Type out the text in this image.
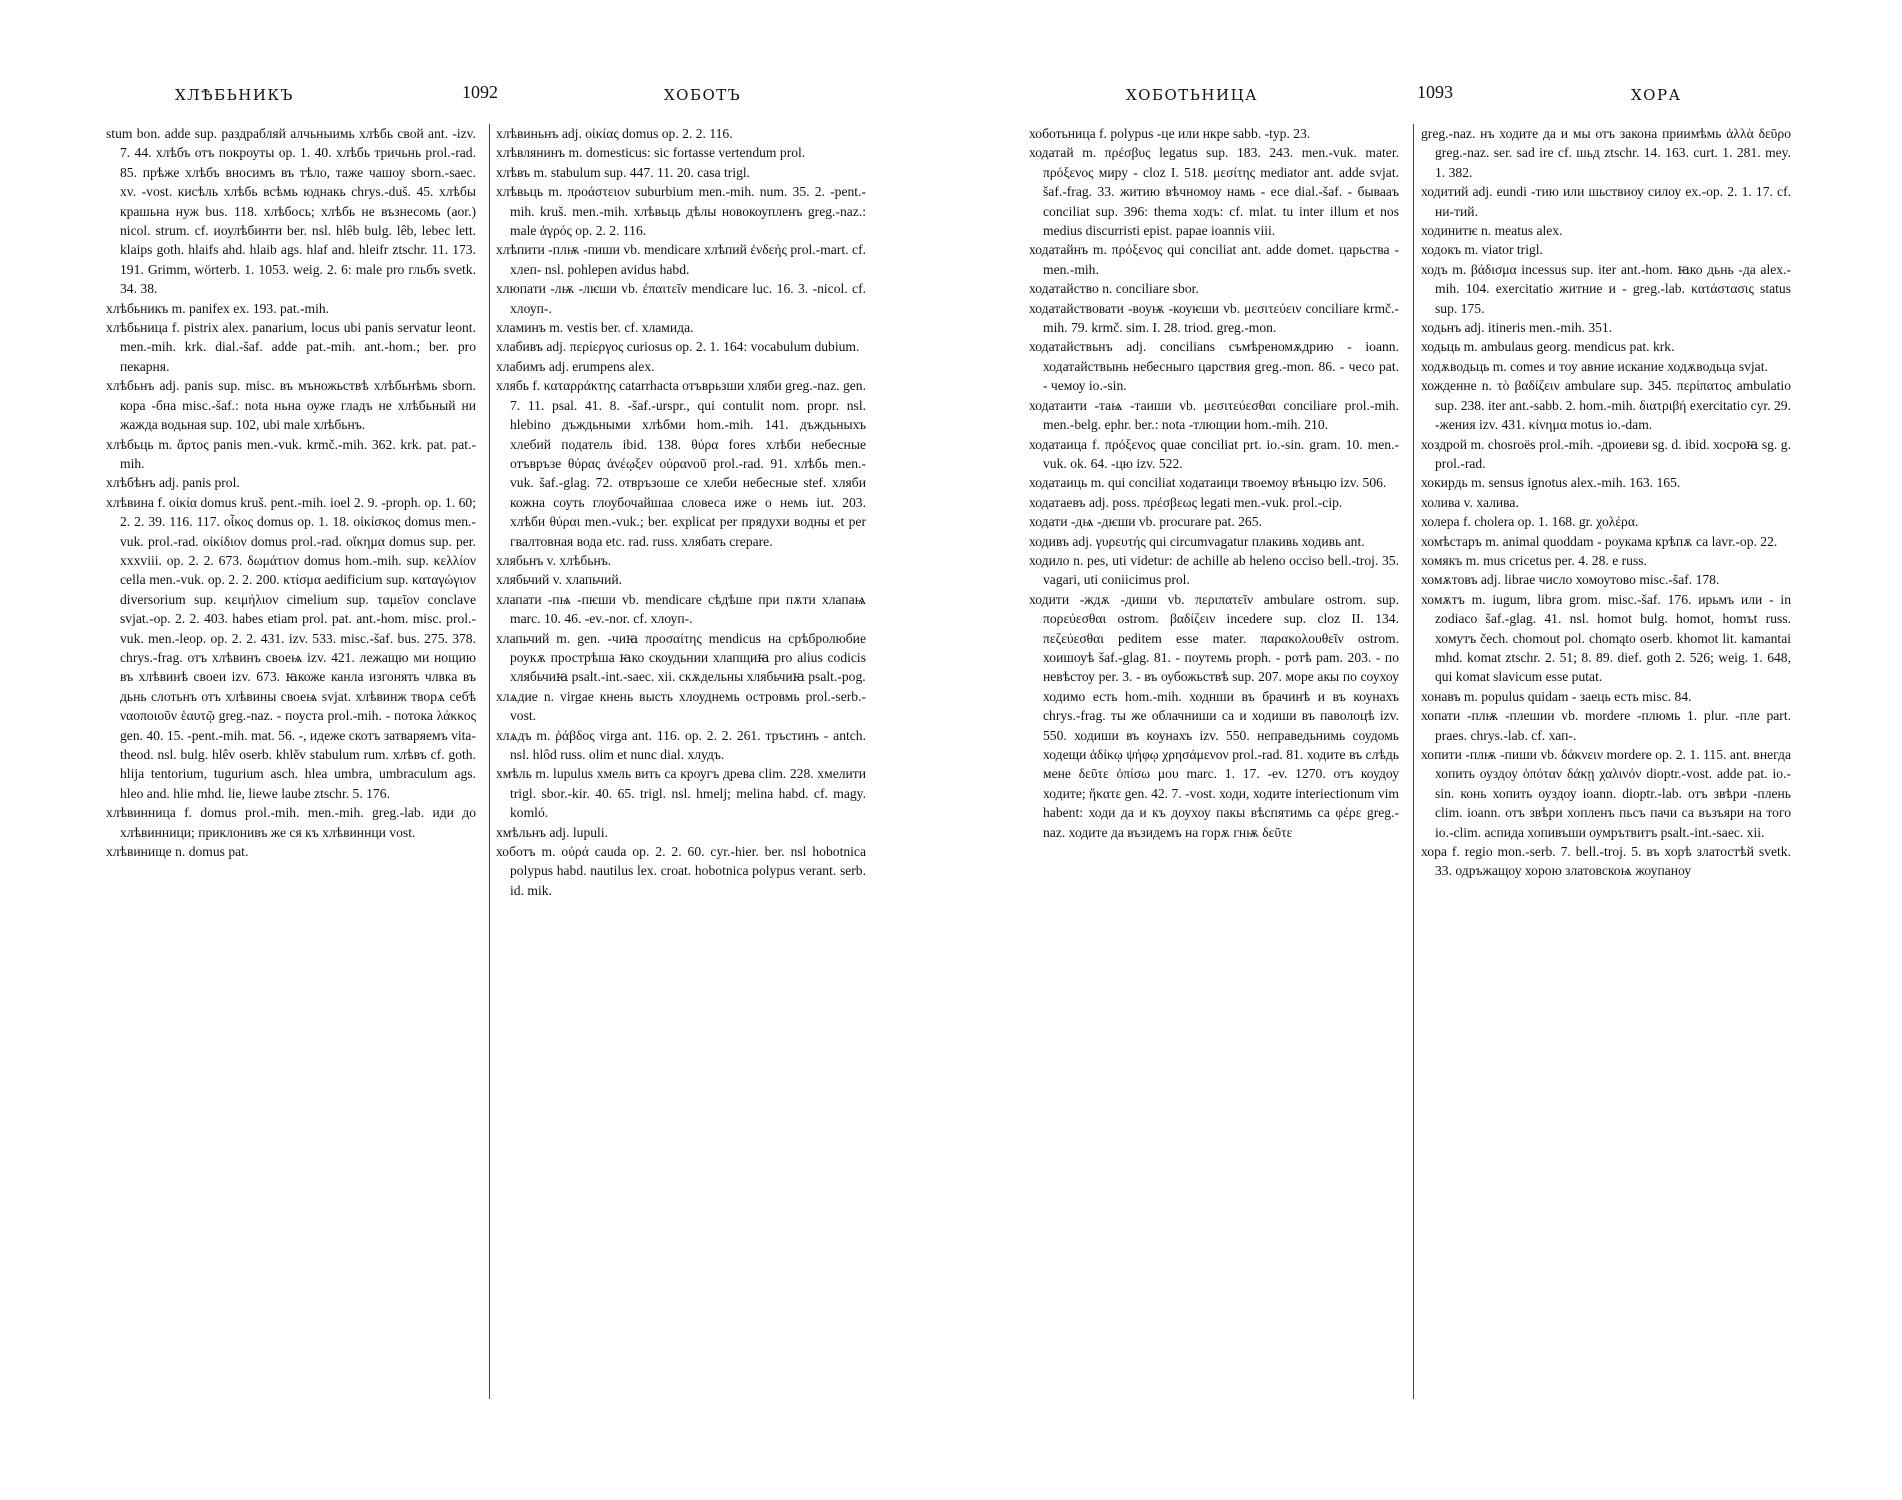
ХЛѢБЬНИКЪ	1092	ХОБОТЪ

stum bon. adde sup. раздрабляй алчьныимь хлѣбь свой ant. -izv. 7. 44. хлѣбъ отъ покроуты op. 1. 40. хлѣбь тричьнь prol.-rad. 85. прѣже хлѣбъ вносимъ въ тѣло, таже чашоу sborn.-saec. xv. -vost. кисѣль хлѣбь всѣмь юднакь chrys.-duš. 45. хлѣбы крашьна нуж bus. 118. хлѣбось; хлѣбь не възнесомь (aor.) nicol. strum. cf. иоулѣбинти ber. nsl. hlêb bulg. lêb, lebec lett. klaips goth. hlaifs ahd. hlaib ags. hlaf and. hleifr ztschr. 11. 173. 191. Grimm, wörterb. 1. 1053. weig. 2. 6: male pro гльбъ svetk. 34. 38.

хлѣбьникъ m. panifex ex. 193. pat.-mih.

хлѣбьница f. pistrix alex. panarium, locus ubi panis servatur leont. men.-mih. krk. dial.-šaf. adde pat.-mih. ant.-hom.; ber. pro пекарня.

хлѣбьнъ adj. panis sup. misc. въ мъножьствѣ хлѣбьнѣмь sborn. кора -бна misc.-šaf.: nota ньна оуже гладъ не хлѣбьный ни жажда водьная sup. 102, ubi male хлѣбьнъ.

хлѣбьць m. ἄρτος panis men.-vuk. krmč.-mih. 362. krk. pat. pat.-mih.

хлѣбѣнъ adj. panis prol.

хлѣвина f. οἰκία domus kruš. pent.-mih. ioel 2. 9. -proph. op. 1. 60; 2. 2. 39. 116. 117. οἶκος domus op. 1. 18. οἰκίσκος domus men.-vuk. prol.-rad. οἰκίδιον domus prol.-rad. οἴκημα domus sup. per. xxxviii. op. 2. 2. 673. δωμάτιον domus hom.-mih. sup. κελλίον cella men.-vuk. op. 2. 2. 200. κτίσμα aedificium sup. καταγώγιον diversorium sup. κειμήλιον cimelium sup. ταμεῖον conclave svjat.-op. 2. 2. 403. habes etiam prol. pat. ant.-hom. misc. prol.-vuk. men.-leop. op. 2. 2. 431. izv. 533. misc.-šaf. bus. 275. 378. chrys.-frag. отъ хлѣвинъ своеѩ izv. 421. лежащю ми нощию въ хлѣвинѣ своеи izv. 673. ꙗкоже канла изгонять члвка въ дьнь слотьнъ отъ хлѣвины своеѩ svjat. хлѣвинж творѧ себѣ ναοποιοῦν ἑαυτῷ greg.-naz. - поуста prol.-mih. - потока λάκκος gen. 40. 15. -pent.-mih. mat. 56. -, идеже скотъ затваряемъ vita-theod. nsl. bulg. hlêv oserb. khlěv stabulum rum. хлѣвъ cf. goth. hlija tentorium, tugurium asch. hlea umbra, umbraculum ags. hleo and. hlie mhd. lie, liewe laube ztschr. 5. 176.

хлѣвинница f. domus prol.-mih. men.-mih. greg.-lab. иди до хлѣвинници; приклонивъ же ся къ хлѣвиннци vost.

хлѣвинище n. domus pat.

хлѣвиньнъ adj. οἰκίας domus op. 2. 2. 116.

хлѣвлянинъ m. domesticus: sic fortasse vertendum prol.

хлѣвъ m. stabulum sup. 447. 11. 20. casa trigl.

хлѣвьць m. προάστειον suburbium men.-mih. num. 35. 2. -pent.-mih. kruš. men.-mih. хлѣвьць дѣлы новокоупленъ greg.-naz.: male ἀγρός op. 2. 2. 116.

хлѣпити -плѭ -пиши vb. mendicare хлѣпий ἐνδεής prol.-mart. cf. хлеп- nsl. pohlepen avidus habd.

хлюпати -лѭ -лѥши vb. ἐπαιτεῖν mendicare luc. 16. 3. -nicol. cf. хлоуп-.

хламинъ m. vestis ber. cf. хламида.

хлабивъ adj. περίεργος curiosus op. 2. 1. 164: vocabulum dubium.

хлабимъ adj. erumpens alex.

хлябь f. καταρράκτης catarrhacta отъврьзши хляби greg.-naz. gen. 7. 11. psal. 41. 8. -šaf.-urspr., qui contulit nom. propr. nsl. hlebino дъждьными хлѣбми hom.-mih. 141. дъждьныхъ хлебий податель ibid. 138. θύρα fores хлѣби небесные отъвръзе θύρας ἀνέῳξεν οὐρανοῦ prol.-rad. 91. хлѣбь men.-vuk. šaf.-glag. 72. отвръзоше се хлеби небесные stef. хляби кожна соуть глоубочайшаа словеса иже о немь iut. 203. хлѣби θύραι men.-vuk.; ber. explicat per прядухи водны et per гвалтовная вода etc. rad. russ. хлябать crepare.

хлябьнъ v. хлѣбьнъ.

хлябьчий v. хлапьчий.

хлапати -пѩ -пѥши vb. mendicare сѣдѣше при пѫти хлапаѩ marc. 10. 46. -ev.-nor. cf. хлоуп-.

хлапьчий m. gen. -чиꙗ προσαίτης mendicus на срѣбролюбие роукѫ прострѣша ꙗко скоудьнии хлапщиꙗ pro alius codicis хлябьчиꙗ psalt.-int.-saec. xii. скѫдельны хлябьчиꙗ psalt.-pog.

хлѧдие n. virgae кнень высть хлоуднемь островмь prol.-serb.-vost.

хлѧдъ m. ῥάβδος virga ant. 116. op. 2. 2. 261. тръстинъ - antch. nsl. hlôd russ. olim et nunc dial. хлудъ.

хмѣль m. lupulus хмель вить са кроугъ древа clim. 228. хмелити trigl. sbor.-kir. 40. 65. trigl. nsl. hmelj; melina habd. cf. magy. komló.

хмѣльнъ adj. lupuli.

хоботъ m. οὐρά cauda op. 2. 2. 60. cyr.-hier. ber. nsl hobotnica polypus habd. nautilus lex. croat. hobotnica polypus verant. serb. id. mik.

ХОБОТЬНИЦА	1093	ХОРА

хоботьница f. polypus -це или нкре sabb. -typ. 23.

ходатай m. πρέσβυς legatus sup. 183. 243. men.-vuk. mater. πρόξενος миру - cloz I. 518. μεσίτης mediator ant. adde svjat. šaf.-frag. 33. житию вѣчномоу намь - есе dial.-šaf. - бывааъ conciliat sup. 396: thema ходъ: cf. mlat. tu inter illum et nos medius discurristi epist. papae ioannis viii.

ходатайнъ m. πρόξενος qui conciliat ant. adde domet. царьства - men.-mih.

ходатайство n. conciliare sbor.

ходатайствовати -воуѭ -коуѥши vb. μεσιτεύειν conciliare krmč.-mih. 79. krmč. sim. I. 28. triod. greg.-mon.

ходатайствьнъ adj. concilians съмѣреномѫдрию - ioann. ходатайствынь небесныго царствия greg.-mon. 86. - чесо pat. - чемоу io.-sin.

ходатаити -таѩ -таиши vb. μεσιτεύεσθαι conciliare prol.-mih. men.-belg. ephr. ber.: nota -тлющии hom.-mih. 210.

ходатаица f. πρόξενος quae conciliat prt. io.-sin. gram. 10. men.-vuk. ok. 64. -цю izv. 522.

ходатаиць m. qui conciliat ходатаици твоемоу вѣньцю izv. 506.

ходатаевъ adj. poss. πρέσβεως legati men.-vuk. prol.-cip.

ходати -дѩ -дѥши vb. procurare pat. 265.

ходивъ adj. γυρευτής qui circumvagatur плакивь ходивь ant.

ходило n. pes, uti videtur: de achille ab heleno occiso bell.-troj. 35. vagari, uti coniicimus prol.

ходити -ждѫ -диши vb. περιπατεῖν ambulare ostrom. sup. πορεύεσθαι ostrom. βαδίζειν incedere sup. cloz II. 134. πεζεύεσθαι peditem esse mater. παρακολουθεῖν ostrom. хоишоуѣ šaf.-glag. 81. - поутемь proph. - ротѣ pam. 203. - по невѣстоу per. 3. - въ оубожьствѣ sup. 207. море акы по соухоу ходимо есть hom.-mih. ходнши въ брачинѣ и въ коунахъ chrys.-frag. ты же облачниши са и ходиши въ паволоцѣ izv. 550. ходиши въ коунахъ izv. 550. неправедьнимь соудомь ходещи ἀδίκῳ ψήφῳ χρησάμενον prol.-rad. 81. ходите въ слѣдь мене δεῦτε ὀπίσω μου marc. 1. 17. -ev. 1270. отъ коудоу ходите; ἥκατε gen. 42. 7. -vost. ходи, ходите interiectionum vim habent: ходи да и къ доухоу пакы вѣспятимь са φέρε greg.-naz. ходите да възидемъ на горѫ гнѭ δεῦτε

greg.-naz. нъ ходите да и мы отъ закона приимѣмь ἀλλὰ δεῦρο greg.-naz. ser. sad ire cf. шьд ztschr. 14. 163. curt. 1. 281. mey. 1. 382.

ходитий adj. eundi -тию или шьствиоу силоу ex.-op. 2. 1. 17. cf. ни-тий.

ходинитѥ n. meatus alex.

ходокъ m. viator trigl.

ходъ m. βάδισμα incessus sup. iter ant.-hom. ꙗко дьнь -да alex.-mih. 104. exercitatio житние и - greg.-lab. κατάστασις status sup. 175.

ходьнъ adj. itineris men.-mih. 351.

ходьць m. ambulaus georg. mendicus pat. krk.

ходѫводьць m. comes и тоу авние искание ходѫводьца svjat.

хожденне n. τὸ βαδίζειν ambulare sup. 345. περίπατος ambulatio sup. 238. iter ant.-sabb. 2. hom.-mih. διατριβή exercitatio cyr. 29. -жения izv. 431. κίνημα motus io.-dam.

хоздрой m. chosroës prol.-mih. -дроиеви sg. d. ibid. хосроꙗ sg. g. prol.-rad.

хокирдь m. sensus ignotus alex.-mih. 163. 165.

холива v. халива.

холера f. cholera op. 1. 168. gr. χολέρα.

хомѣстаръ m. animal quoddam - роукама крѣпѫ са lavr.-op. 22.

хомякъ m. mus cricetus per. 4. 28. e russ.

хомѫтовъ adj. librae число хомоутово misc.-šaf. 178.

хомѫтъ m. iugum, libra grom. misc.-šaf. 176. ирьмъ или - in zodiaco šaf.-glag. 41. nsl. homot bulg. homot, homъt russ. хомутъ čech. chomout pol. chomąto oserb. khomot lit. kamantai mhd. komat ztschr. 2. 51; 8. 89. dief. goth 2. 526; weig. 1. 648, qui komat slavicum esse putat.

хонавъ m. populus quidam - заець есть misc. 84.

хопати -плѭ -плешии vb. mordere -плюмь 1. plur. -пле part. praes. chrys.-lab. cf. хап-.

хопити -плѭ -пиши vb. δάκνειν mordere op. 2. 1. 115. ant. внегда хопить оуздоу ὁπόταν δάκῃ χαλινόν dioptr.-vost. adde pat. io.-sin. конь хопить оуздоу ioann. dioptr.-lab. отъ звѣри -плень clim. ioann. отъ звѣри хопленъ пьсъ пачи са възъяри на того io.-clim. аспида хопивъши оумрътвитъ psalt.-int.-saec. xii.

хора f. regio mon.-serb. 7. bell.-troj. 5. въ хорѣ златостѣй svetk. 33. одръжащоу хорою златовскоѩ жоупаноу
